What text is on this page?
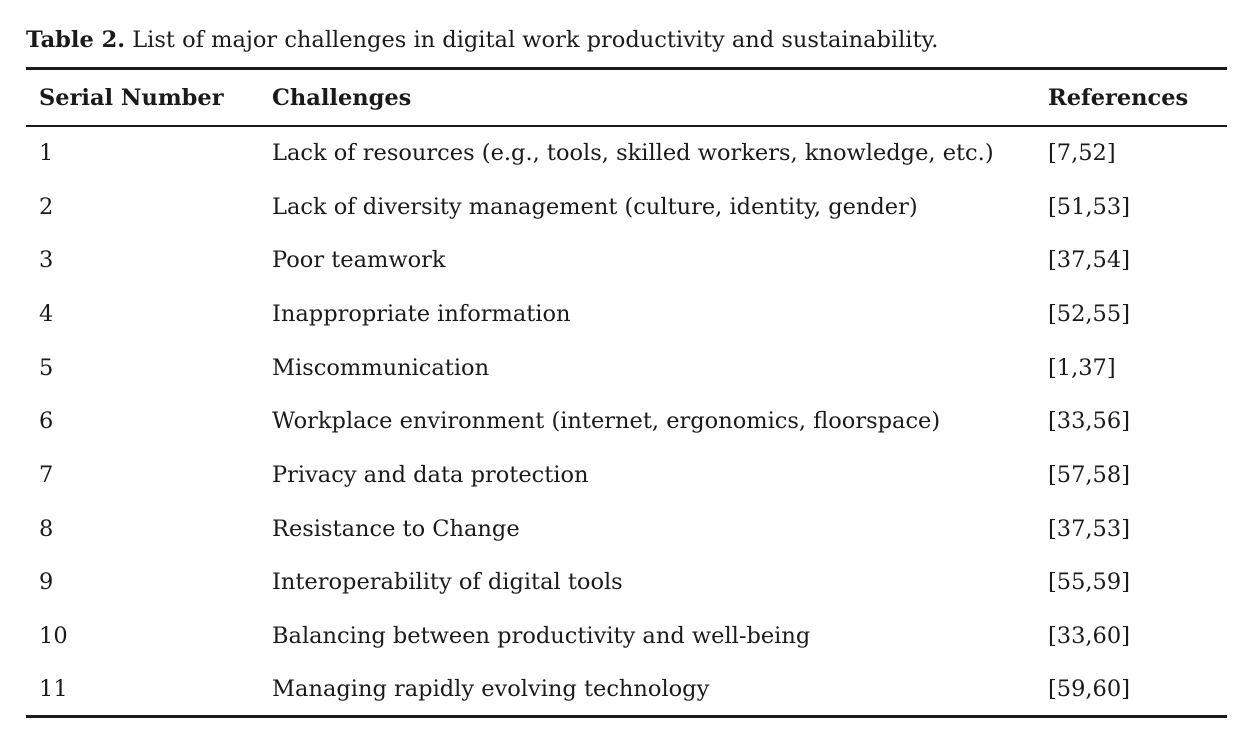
Table 2. List of major challenges in digital work productivity and sustainability.
Serial Number	Challenges	References
1	Lack of resources (e.g., tools, skilled workers, knowledge, etc.)	[7,52]
2	Lack of diversity management (culture, identity, gender)	[51,53]
3	Poor teamwork	[37,54]
4	Inappropriate information	[52,55]
5	Miscommunication	[1,37]
6	Workplace environment (internet, ergonomics, floorspace)	[33,56]
7	Privacy and data protection	[57,58]
8	Resistance to Change	[37,53]
9	Interoperability of digital tools	[55,59]
10	Balancing between productivity and well-being	[33,60]
11	Managing rapidly evolving technology	[59,60]
